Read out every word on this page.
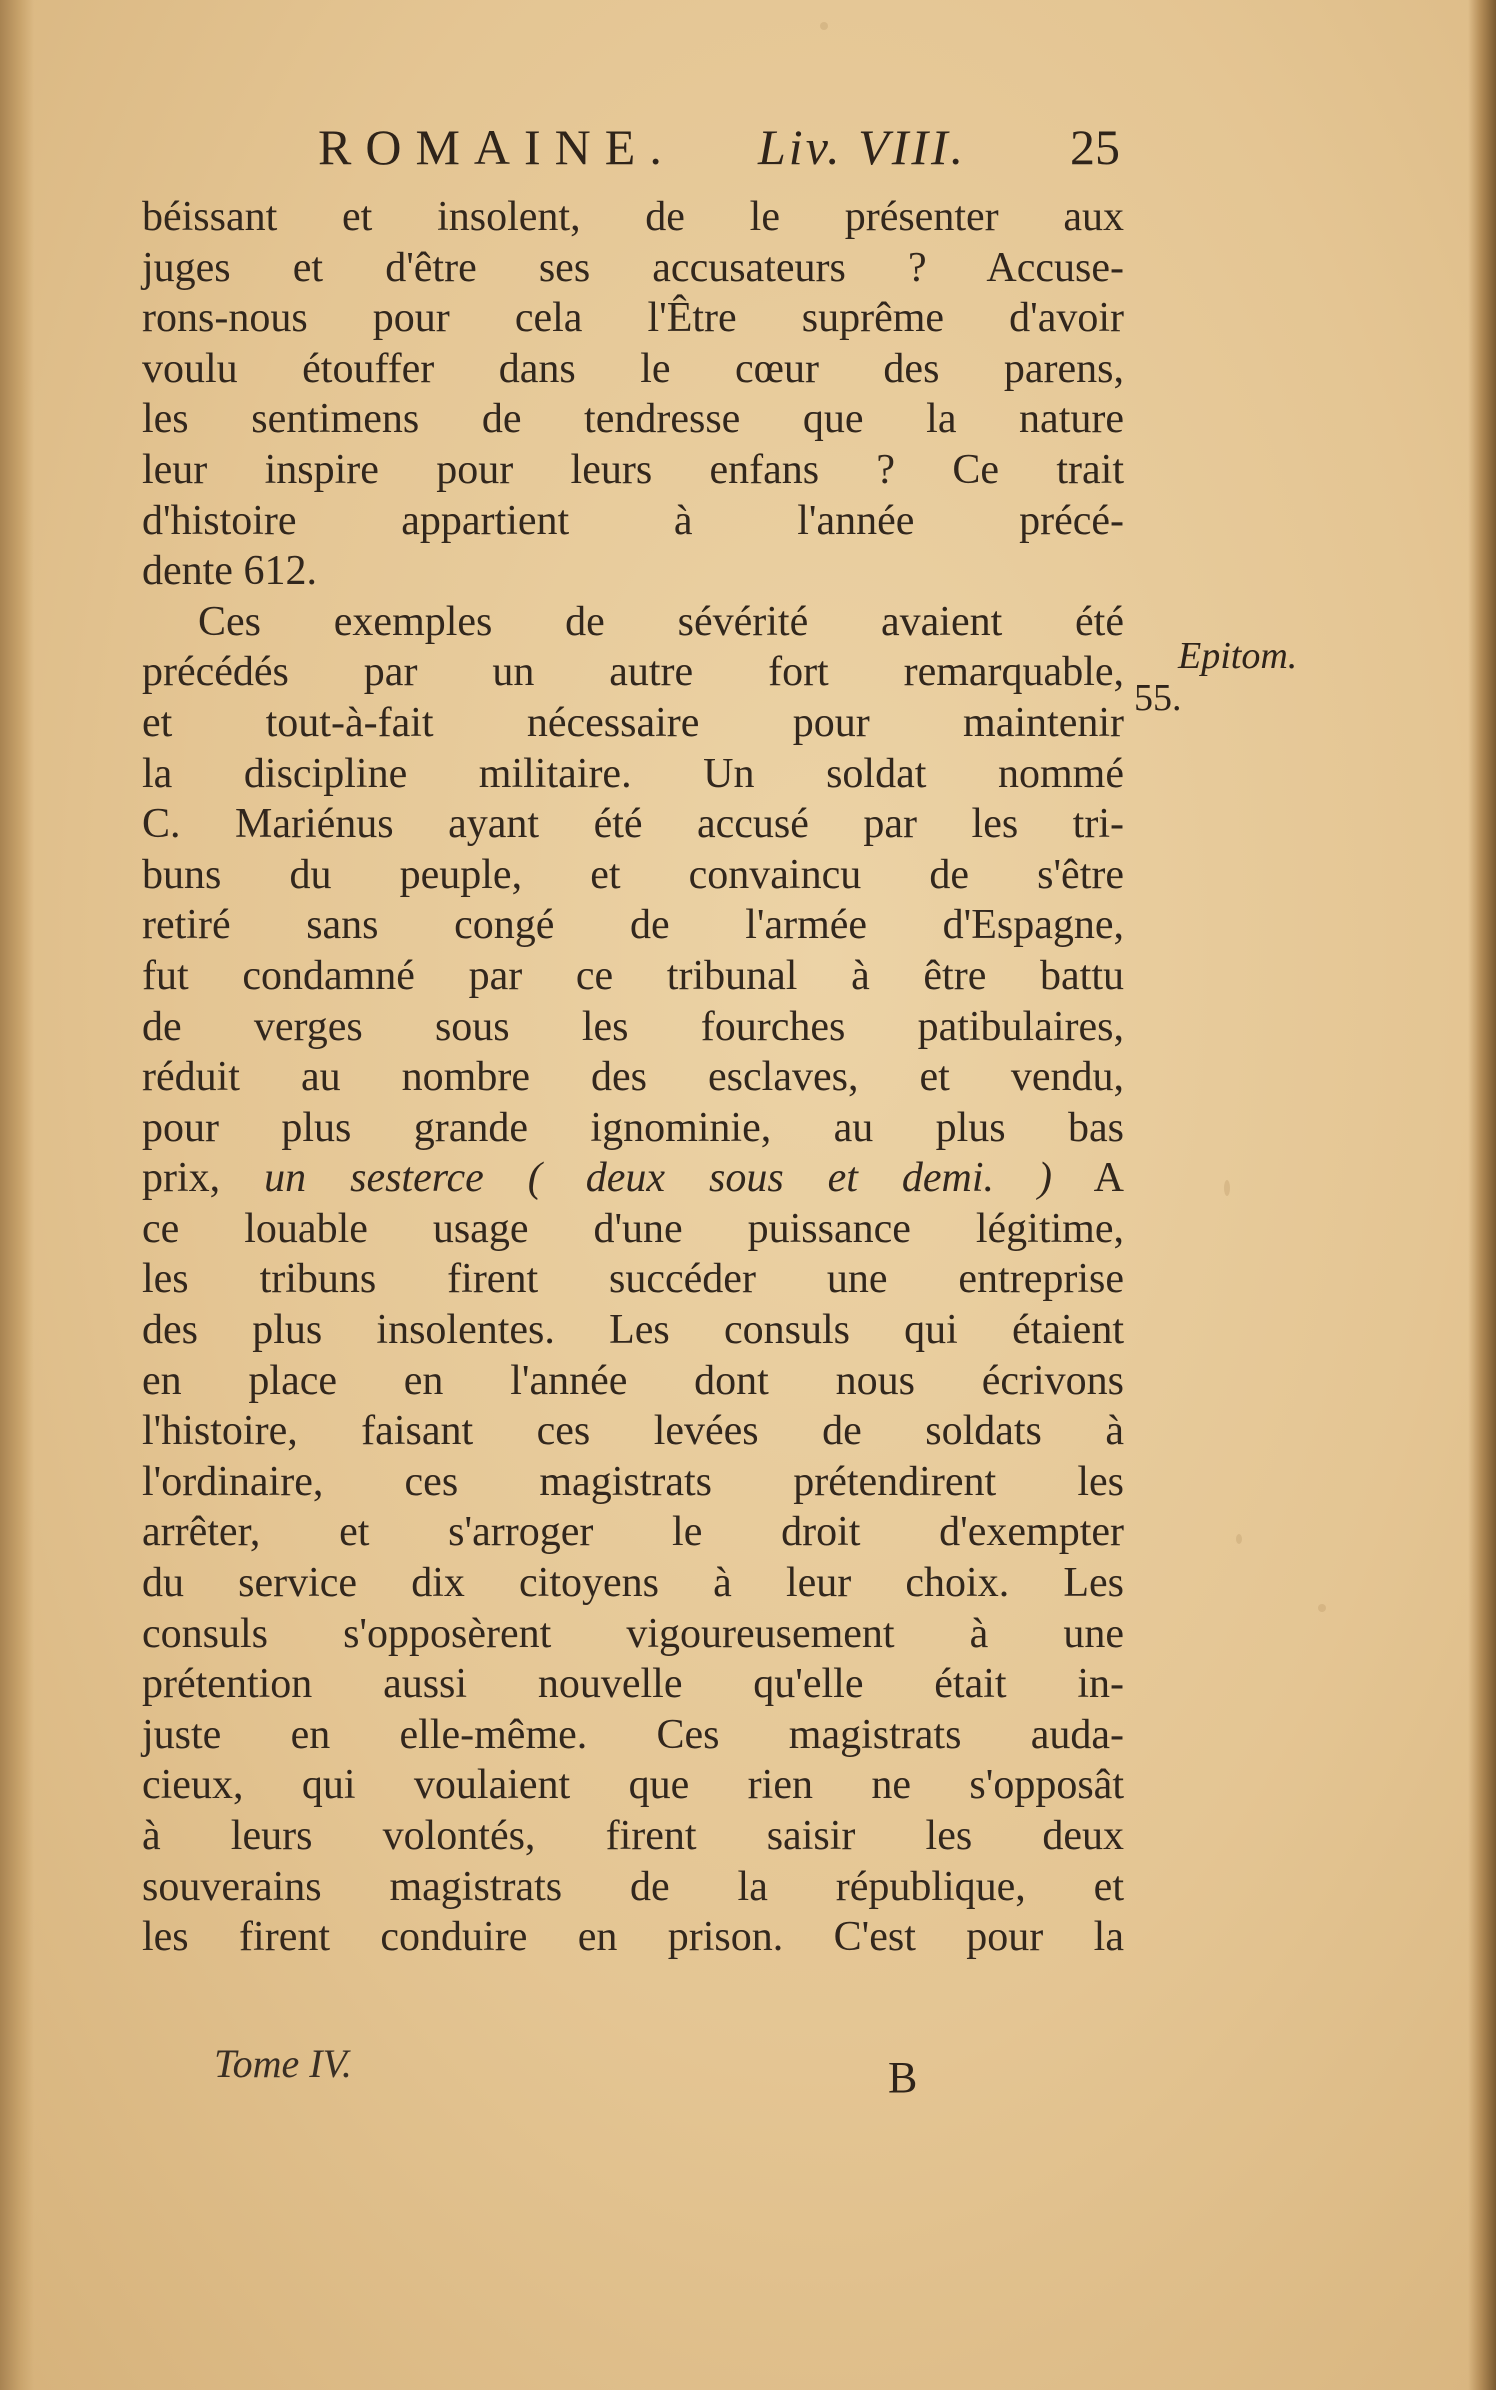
ROMAINE. Liv. VIII. 25
béissant et insolent, de le présenter aux
juges et d'être ses accusateurs ? Accuse-
rons-nous pour cela l'Être suprême d'avoir
voulu étouffer dans le cœur des parens,
les sentimens de tendresse que la nature
leur inspire pour leurs enfans ? Ce trait
d'histoire appartient à l'année précé-
dente 612.
Ces exemples de sévérité avaient été
précédés par un autre fort remarquable,
et tout-à-fait nécessaire pour maintenir
la discipline militaire. Un soldat nommé
C. Mariénus ayant été accusé par les tri-
buns du peuple, et convaincu de s'être
retiré sans congé de l'armée d'Espagne,
fut condamné par ce tribunal à être battu
de verges sous les fourches patibulaires,
réduit au nombre des esclaves, et vendu,
pour plus grande ignominie, au plus bas
prix, un sesterce ( deux sous et demi. ) A
ce louable usage d'une puissance légitime,
les tribuns firent succéder une entreprise
des plus insolentes. Les consuls qui étaient
en place en l'année dont nous écrivons
l'histoire, faisant ces levées de soldats à
l'ordinaire, ces magistrats prétendirent les
arrêter, et s'arroger le droit d'exempter
du service dix citoyens à leur choix. Les
consuls s'opposèrent vigoureusement à une
prétention aussi nouvelle qu'elle était in-
juste en elle-même. Ces magistrats auda-
cieux, qui voulaient que rien ne s'opposât
à leurs volontés, firent saisir les deux
souverains magistrats de la république, et
les firent conduire en prison. C'est pour la
Epitom.
55.
Tome IV.	B
